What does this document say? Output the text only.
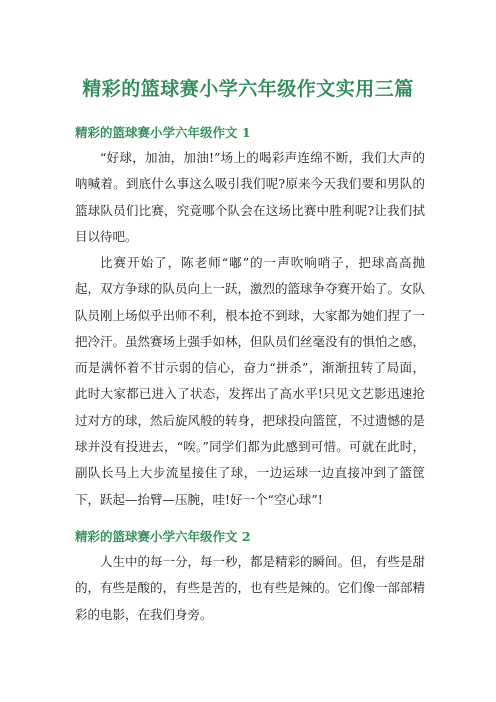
精彩的篮球赛小学六年级作文实用三篇
精彩的篮球赛小学六年级作文 1

“好球，加油，加油!”场上的喝彩声连绵不断，我们大声的呐喊着。到底什么事这么吸引我们呢?原来今天我们要和男队的篮球队员们比赛，究竟哪个队会在这场比赛中胜利呢?让我们拭目以待吧。

比赛开始了，陈老师“嘟”的一声吹响哨子，把球高高抛起，双方争球的队员向上一跃，激烈的篮球争夺赛开始了。女队队员刚上场似乎出师不利，根本抢不到球，大家都为她们捏了一把冷汗。虽然赛场上强手如林，但队员们丝毫没有的惧怕之感，而是满怀着不甘示弱的信心，奋力“拼杀”，渐渐扭转了局面，此时大家都已进入了状态，发挥出了高水平!只见文艺影迅速抢过对方的球，然后旋风般的转身，把球投向篮筐，不过遗憾的是球并没有投进去，“唉。”同学们都为此感到可惜。可就在此时，副队长马上大步流星接住了球，一边运球一边直接冲到了篮筐下，跃起—抬臂—压腕，哇!好一个“空心球”!

精彩的篮球赛小学六年级作文 2

人生中的每一分，每一秒，都是精彩的瞬间。但，有些是甜的，有些是酸的，有些是苦的，也有些是辣的。它们像一部部精彩的电影，在我们身旁。
